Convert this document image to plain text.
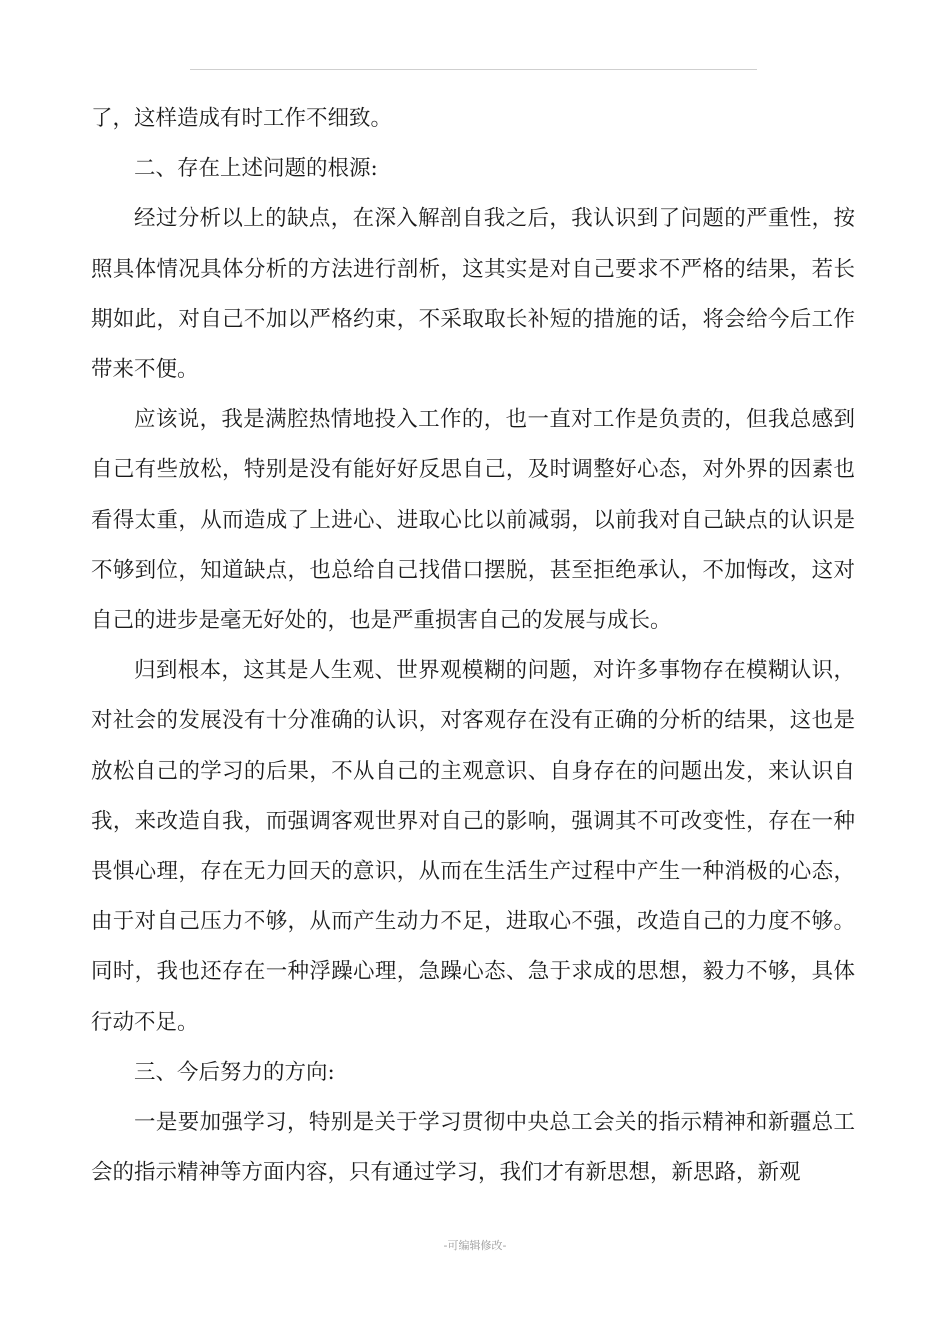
了，这样造成有时工作不细致。

二、存在上述问题的根源:

经过分析以上的缺点，在深入解剖自我之后，我认识到了问题的严重性，按照具体情况具体分析的方法进行剖析，这其实是对自己要求不严格的结果，若长期如此，对自己不加以严格约束，不采取取长补短的措施的话，将会给今后工作带来不便。

应该说，我是满腔热情地投入工作的，也一直对工作是负责的，但我总感到自己有些放松，特别是没有能好好反思自己，及时调整好心态，对外界的因素也看得太重，从而造成了上进心、进取心比以前减弱，以前我对自己缺点的认识是不够到位，知道缺点，也总给自己找借口摆脱，甚至拒绝承认，不加悔改，这对自己的进步是毫无好处的，也是严重损害自己的发展与成长。

归到根本，这其是人生观、世界观模糊的问题，对许多事物存在模糊认识，对社会的发展没有十分准确的认识，对客观存在没有正确的分析的结果，这也是放松自己的学习的后果，不从自己的主观意识、自身存在的问题出发，来认识自我，来改造自我，而强调客观世界对自己的影响，强调其不可改变性，存在一种畏惧心理，存在无力回天的意识，从而在生活生产过程中产生一种消极的心态，由于对自己压力不够，从而产生动力不足，进取心不强，改造自己的力度不够。同时，我也还存在一种浮躁心理，急躁心态、急于求成的思想，毅力不够，具体行动不足。

三、今后努力的方向:

一是要加强学习，特别是关于学习贯彻中央总工会关的指示精神和新疆总工会的指示精神等方面内容，只有通过学习，我们才有新思想，新思路，新观

-可编辑修改-
